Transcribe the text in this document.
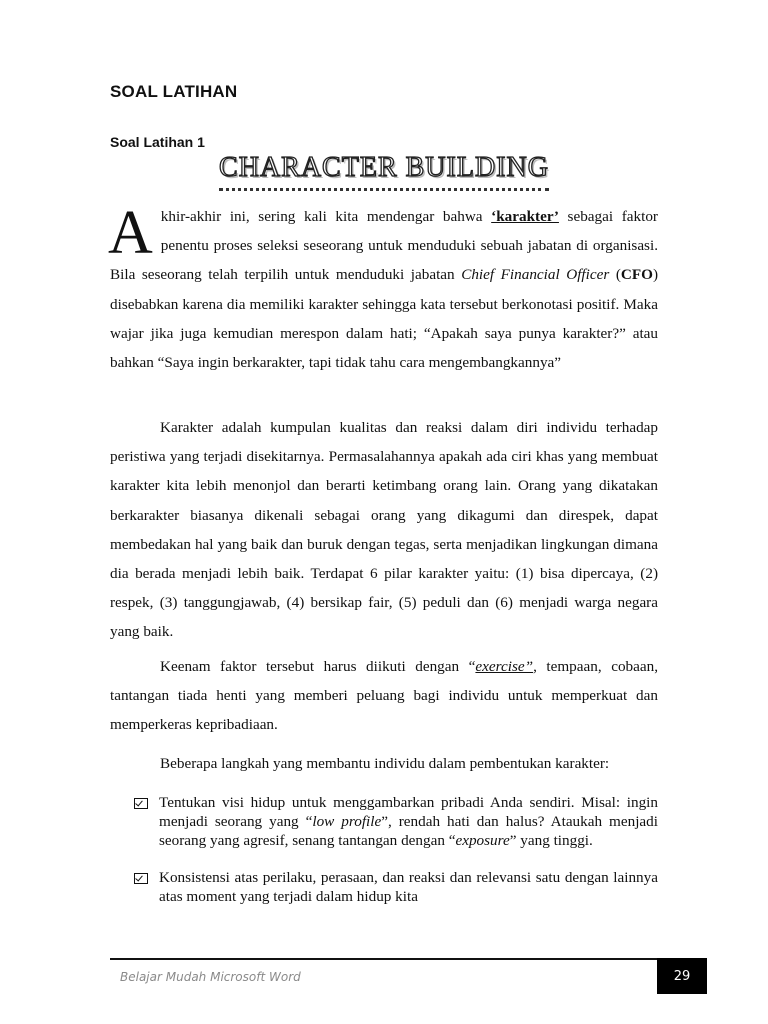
SOAL LATIHAN
Soal Latihan 1
CHARACTER BUILDING

Akhir-akhir ini, sering kali kita mendengar bahwa ‘karakter’ sebagai faktor penentu proses seleksi seseorang untuk menduduki sebuah jabatan di organisasi. Bila seseorang telah terpilih untuk menduduki jabatan Chief Financial Officer (CFO) disebabkan karena dia memiliki karakter sehingga kata tersebut berkonotasi positif. Maka wajar jika juga kemudian merespon dalam hati; “Apakah saya punya karakter?” atau bahkan “Saya ingin berkarakter, tapi tidak tahu cara mengembangkannya”

Karakter adalah kumpulan kualitas dan reaksi dalam diri individu terhadap peristiwa yang terjadi disekitarnya. Permasalahannya apakah ada ciri khas yang membuat karakter kita lebih menonjol dan berarti ketimbang orang lain. Orang yang dikatakan berkarakter biasanya dikenali sebagai orang yang dikagumi dan direspek, dapat membedakan hal yang baik dan buruk dengan tegas, serta menjadikan lingkungan dimana dia berada menjadi lebih baik. Terdapat 6 pilar karakter yaitu: (1) bisa dipercaya, (2) respek, (3) tanggungjawab, (4) bersikap fair, (5) peduli dan (6) menjadi warga negara yang baik.

Keenam faktor tersebut harus diikuti dengan “exercise”, tempaan, cobaan, tantangan tiada henti yang memberi peluang bagi individu untuk memperkuat dan memperkeras kepribadiaan.

Beberapa langkah yang membantu individu dalam pembentukan karakter:

Tentukan visi hidup untuk menggambarkan pribadi Anda sendiri. Misal: ingin menjadi seorang yang “low profile”, rendah hati dan halus? Ataukah menjadi seorang yang agresif, senang tantangan dengan “exposure” yang tinggi.
Konsistensi atas perilaku, perasaan, dan reaksi dan relevansi satu dengan lainnya atas moment yang terjadi dalam hidup kita
Belajar Mudah Microsoft Word	29
